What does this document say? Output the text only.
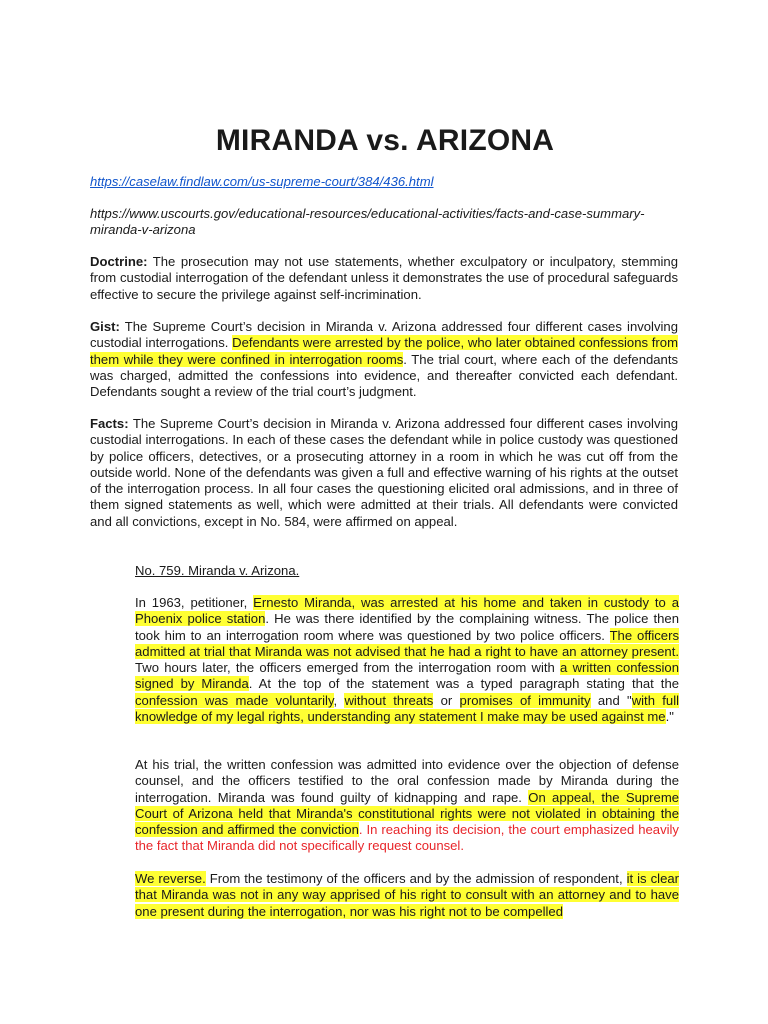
MIRANDA vs. ARIZONA

https://caselaw.findlaw.com/us-supreme-court/384/436.html

https://www.uscourts.gov/educational-resources/educational-activities/facts-and-case-summary-miranda-v-arizona

Doctrine: The prosecution may not use statements, whether exculpatory or inculpatory, stemming from custodial interrogation of the defendant unless it demonstrates the use of procedural safeguards effective to secure the privilege against self-incrimination.

Gist: The Supreme Court’s decision in Miranda v. Arizona addressed four different cases involving custodial interrogations. Defendants were arrested by the police, who later obtained confessions from them while they were confined in interrogation rooms. The trial court, where each of the defendants was charged, admitted the confessions into evidence, and thereafter convicted each defendant. Defendants sought a review of the trial court’s judgment.

Facts: The Supreme Court’s decision in Miranda v. Arizona addressed four different cases involving custodial interrogations. In each of these cases the defendant while in police custody was questioned by police officers, detectives, or a prosecuting attorney in a room in which he was cut off from the outside world. None of the defendants was given a full and effective warning of his rights at the outset of the interrogation process. In all four cases the questioning elicited oral admissions, and in three of them signed statements as well, which were admitted at their trials. All defendants were convicted and all convictions, except in No. 584, were affirmed on appeal.

No. 759. Miranda v. Arizona.

In 1963, petitioner, Ernesto Miranda, was arrested at his home and taken in custody to a Phoenix police station. He was there identified by the complaining witness. The police then took him to an interrogation room where was questioned by two police officers. The officers admitted at trial that Miranda was not advised that he had a right to have an attorney present. Two hours later, the officers emerged from the interrogation room with a written confession signed by Miranda. At the top of the statement was a typed paragraph stating that the confession was made voluntarily, without threats or promises of immunity and "with full knowledge of my legal rights, understanding any statement I make may be used against me."

At his trial, the written confession was admitted into evidence over the objection of defense counsel, and the officers testified to the oral confession made by Miranda during the interrogation. Miranda was found guilty of kidnapping and rape. On appeal, the Supreme Court of Arizona held that Miranda's constitutional rights were not violated in obtaining the confession and affirmed the conviction. In reaching its decision, the court emphasized heavily the fact that Miranda did not specifically request counsel.

We reverse. From the testimony of the officers and by the admission of respondent, it is clear that Miranda was not in any way apprised of his right to consult with an attorney and to have one present during the interrogation, nor was his right not to be compelled
